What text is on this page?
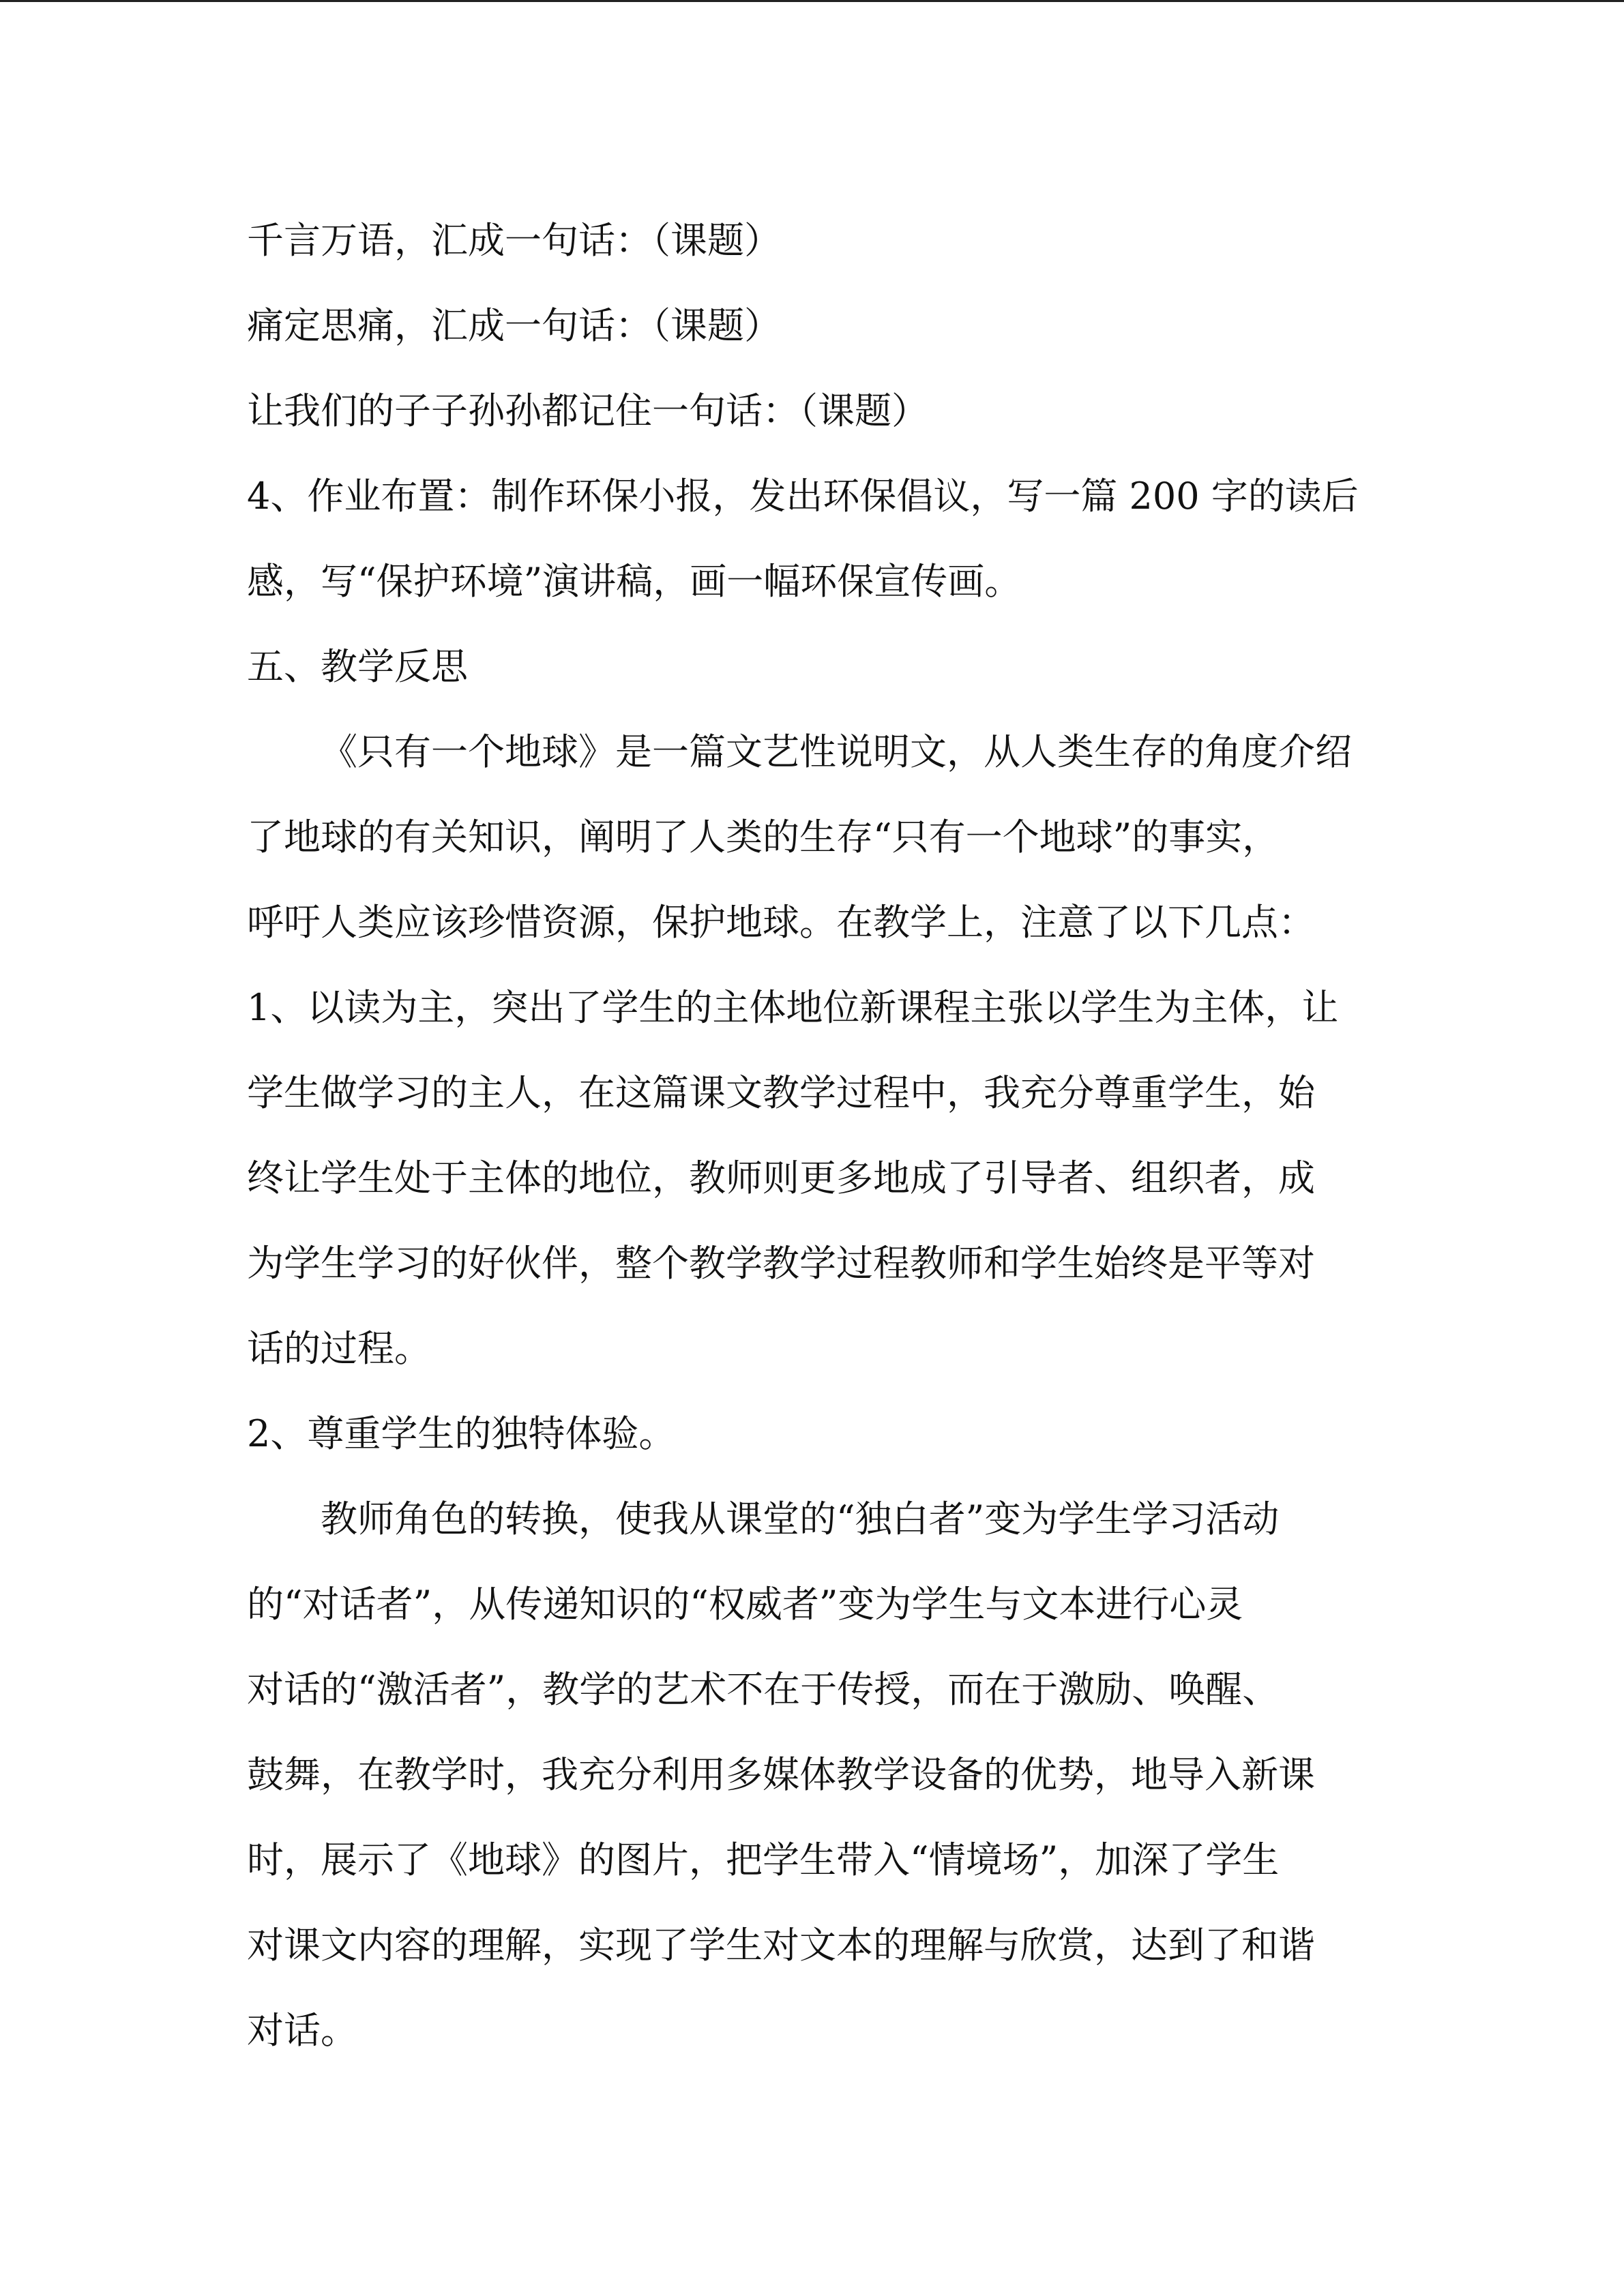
千言万语，汇成一句话：（课题）
痛定思痛，汇成一句话：（课题）
让我们的子子孙孙都记住一句话：（课题）
4、作业布置：制作环保小报，发出环保倡议，写一篇 200 字的读后
感，写“保护环境”演讲稿，画一幅环保宣传画。
五、教学反思
《只有一个地球》是一篇文艺性说明文，从人类生存的角度介绍
了地球的有关知识，阐明了人类的生存“只有一个地球”的事实，
呼吁人类应该珍惜资源，保护地球。在教学上，注意了以下几点：
1、以读为主，突出了学生的主体地位新课程主张以学生为主体，让
学生做学习的主人，在这篇课文教学过程中，我充分尊重学生，始
终让学生处于主体的地位，教师则更多地成了引导者、组织者，成
为学生学习的好伙伴，整个教学教学过程教师和学生始终是平等对
话的过程。
2、尊重学生的独特体验。
教师角色的转换，使我从课堂的“独白者”变为学生学习活动
的“对话者”，从传递知识的“权威者”变为学生与文本进行心灵
对话的“激活者”，教学的艺术不在于传授，而在于激励、唤醒、
鼓舞，在教学时，我充分利用多媒体教学设备的优势，地导入新课
时，展示了《地球》的图片，把学生带入“情境场”，加深了学生
对课文内容的理解，实现了学生对文本的理解与欣赏，达到了和谐
对话。
